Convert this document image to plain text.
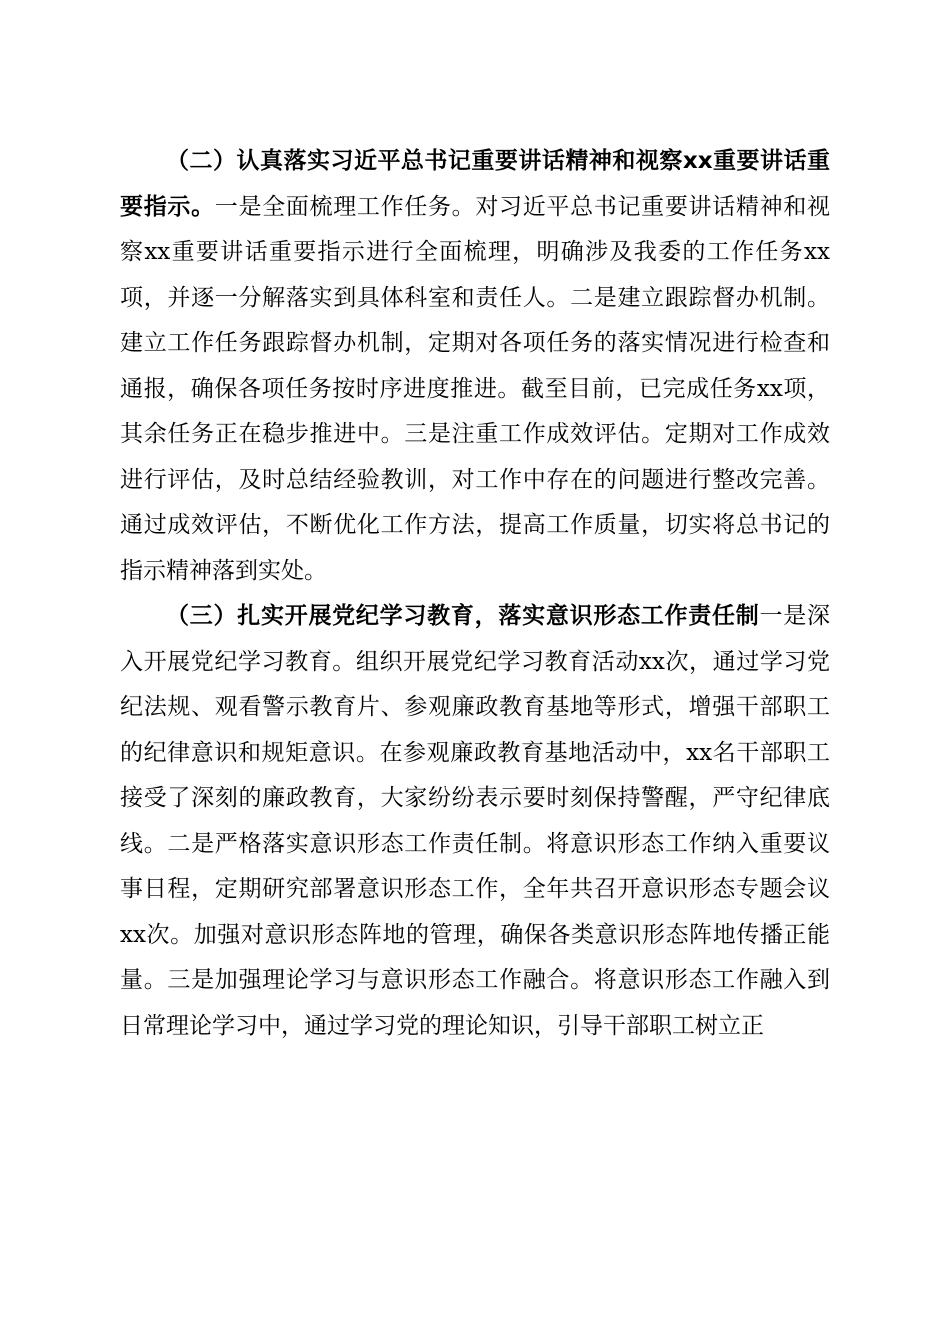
（二）认真落实习近平总书记重要讲话精神和视察xx重要讲话重要指示。一是全面梳理工作任务。对习近平总书记重要讲话精神和视察xx重要讲话重要指示进行全面梳理，明确涉及我委的工作任务xx项，并逐一分解落实到具体科室和责任人。二是建立跟踪督办机制。建立工作任务跟踪督办机制，定期对各项任务的落实情况进行检查和通报，确保各项任务按时序进度推进。截至目前，已完成任务xx项，其余任务正在稳步推进中。三是注重工作成效评估。定期对工作成效进行评估，及时总结经验教训，对工作中存在的问题进行整改完善。通过成效评估，不断优化工作方法，提高工作质量，切实将总书记的指示精神落到实处。

（三）扎实开展党纪学习教育，落实意识形态工作责任制一是深入开展党纪学习教育。组织开展党纪学习教育活动xx次，通过学习党纪法规、观看警示教育片、参观廉政教育基地等形式，增强干部职工的纪律意识和规矩意识。在参观廉政教育基地活动中，xx名干部职工接受了深刻的廉政教育，大家纷纷表示要时刻保持警醒，严守纪律底线。二是严格落实意识形态工作责任制。将意识形态工作纳入重要议事日程，定期研究部署意识形态工作，全年共召开意识形态专题会议xx次。加强对意识形态阵地的管理，确保各类意识形态阵地传播正能量。三是加强理论学习与意识形态工作融合。将意识形态工作融入到日常理论学习中，通过学习党的理论知识，引导干部职工树立正
